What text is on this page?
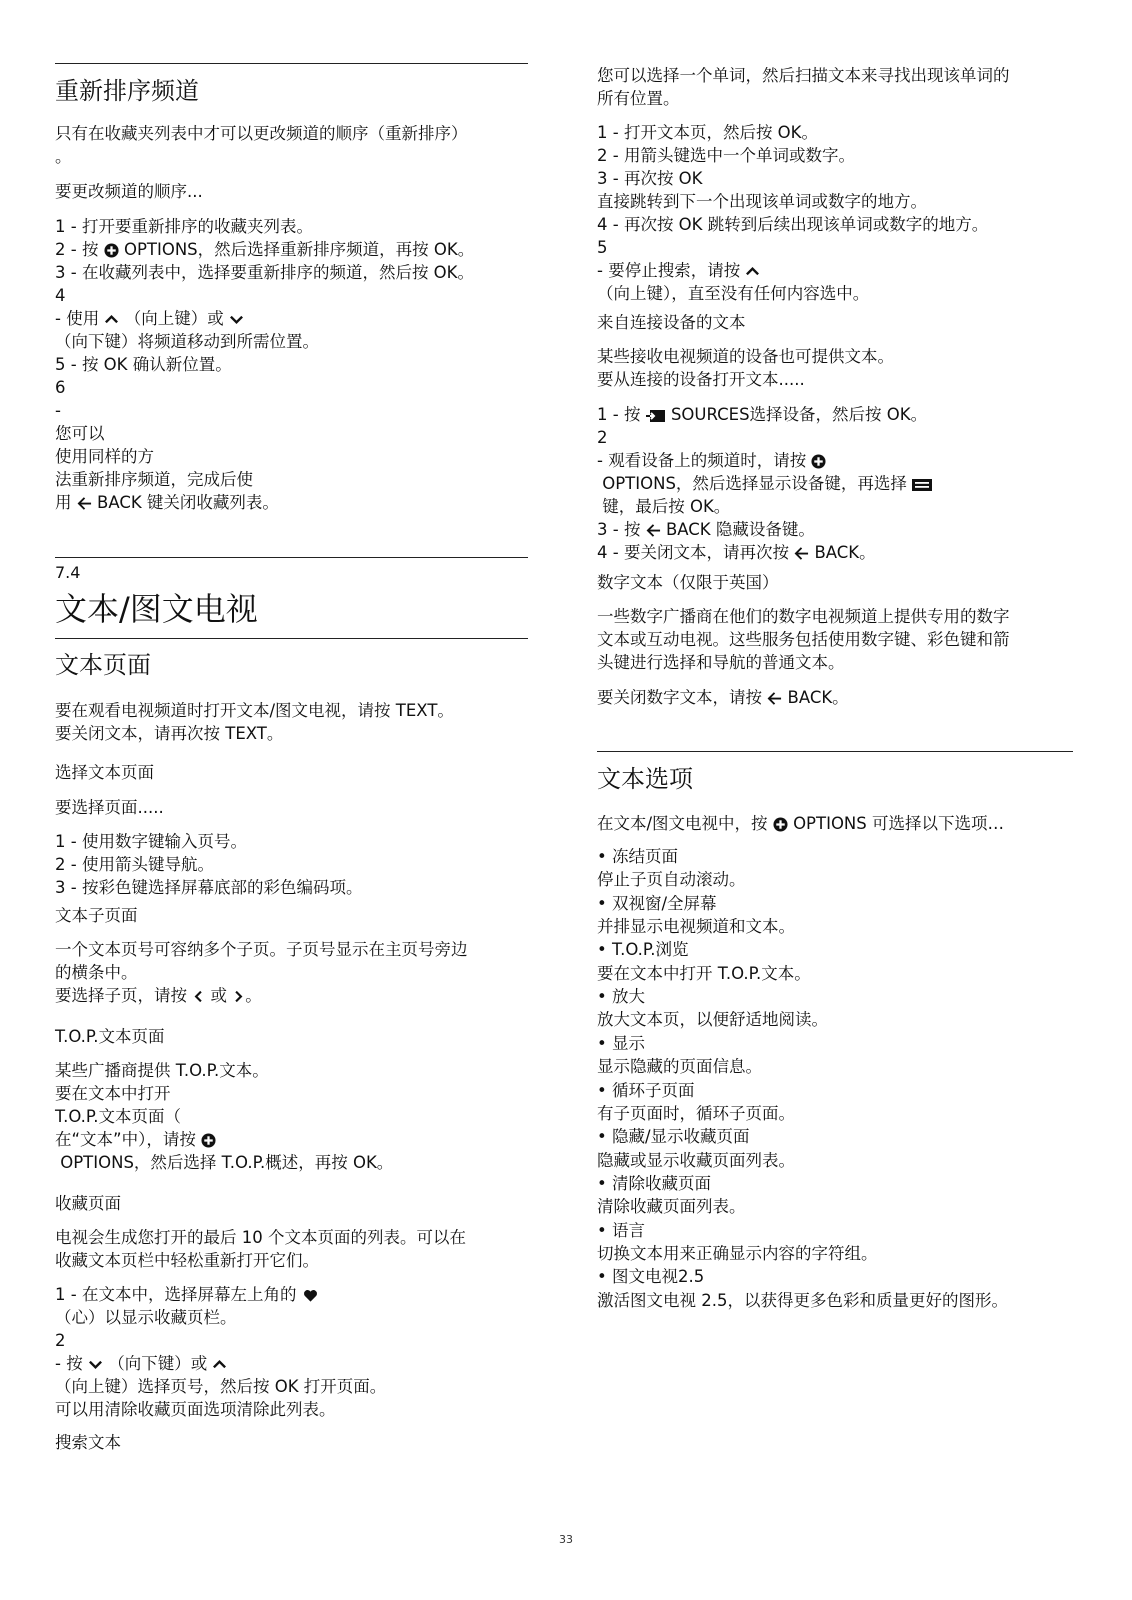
重新排序频道
只有在收藏夹列表中才可以更改频道的顺序（重新排序）
。
要更改频道的顺序...
1 - 打开要重新排序的收藏夹列表。
2 - 按 OPTIONS，然后选择重新排序频道，再按 OK。
3 - 在收藏列表中，选择要重新排序的频道，然后按 OK。
4
- 使用 （向上键）或
（向下键）将频道移动到所需位置。
5 - 按 OK 确认新位置。
6
-
您可以
使用同样的方
法重新排序频道，完成后使
用 BACK 键关闭收藏列表。
7.4
文本/图文电视
文本页面
要在观看电视频道时打开文本/图文电视，请按 TEXT。
要关闭文本，请再次按 TEXT。
选择文本页面
要选择页面.....
1 - 使用数字键输入页号。
2 - 使用箭头键导航。
3 - 按彩色键选择屏幕底部的彩色编码项。
文本子页面
一个文本页号可容纳多个子页。子页号显示在主页号旁边
的横条中。
要选择子页，请按 或 。
T.O.P.文本页面
某些广播商提供 T.O.P.文本。
要在文本中打开
T.O.P.文本页面（
在“文本”中），请按
OPTIONS，然后选择 T.O.P.概述，再按 OK。
收藏页面
电视会生成您打开的最后 10 个文本页面的列表。可以在
收藏文本页栏中轻松重新打开它们。
1 - 在文本中，选择屏幕左上角的
（心）以显示收藏页栏。
2
- 按 （向下键）或
（向上键）选择页号，然后按 OK 打开页面。
可以用清除收藏页面选项清除此列表。
搜索文本
您可以选择一个单词，然后扫描文本来寻找出现该单词的
所有位置。
1 - 打开文本页，然后按 OK。
2 - 用箭头键选中一个单词或数字。
3 - 再次按 OK
直接跳转到下一个出现该单词或数字的地方。
4 - 再次按 OK 跳转到后续出现该单词或数字的地方。
5
- 要停止搜索，请按
（向上键），直至没有任何内容选中。
来自连接设备的文本
某些接收电视频道的设备也可提供文本。
要从连接的设备打开文本.....
1 - 按 SOURCES选择设备，然后按 OK。
2
- 观看设备上的频道时，请按
OPTIONS，然后选择显示设备键，再选择
键，最后按 OK。
3 - 按 BACK 隐藏设备键。
4 - 要关闭文本，请再次按 BACK。
数字文本（仅限于英国）
一些数字广播商在他们的数字电视频道上提供专用的数字
文本或互动电视。这些服务包括使用数字键、彩色键和箭
头键进行选择和导航的普通文本。
要关闭数字文本，请按 BACK。
文本选项
在文本/图文电视中，按 OPTIONS 可选择以下选项…
• 冻结页面
停止子页自动滚动。
• 双视窗/全屏幕
并排显示电视频道和文本。
• T.O.P.浏览
要在文本中打开 T.O.P.文本。
• 放大
放大文本页，以便舒适地阅读。
• 显示
显示隐藏的页面信息。
• 循环子页面
有子页面时，循环子页面。
• 隐藏/显示收藏页面
隐藏或显示收藏页面列表。
• 清除收藏页面
清除收藏页面列表。
• 语言
切换文本用来正确显示内容的字符组。
• 图文电视2.5
激活图文电视 2.5，以获得更多色彩和质量更好的图形。
33
